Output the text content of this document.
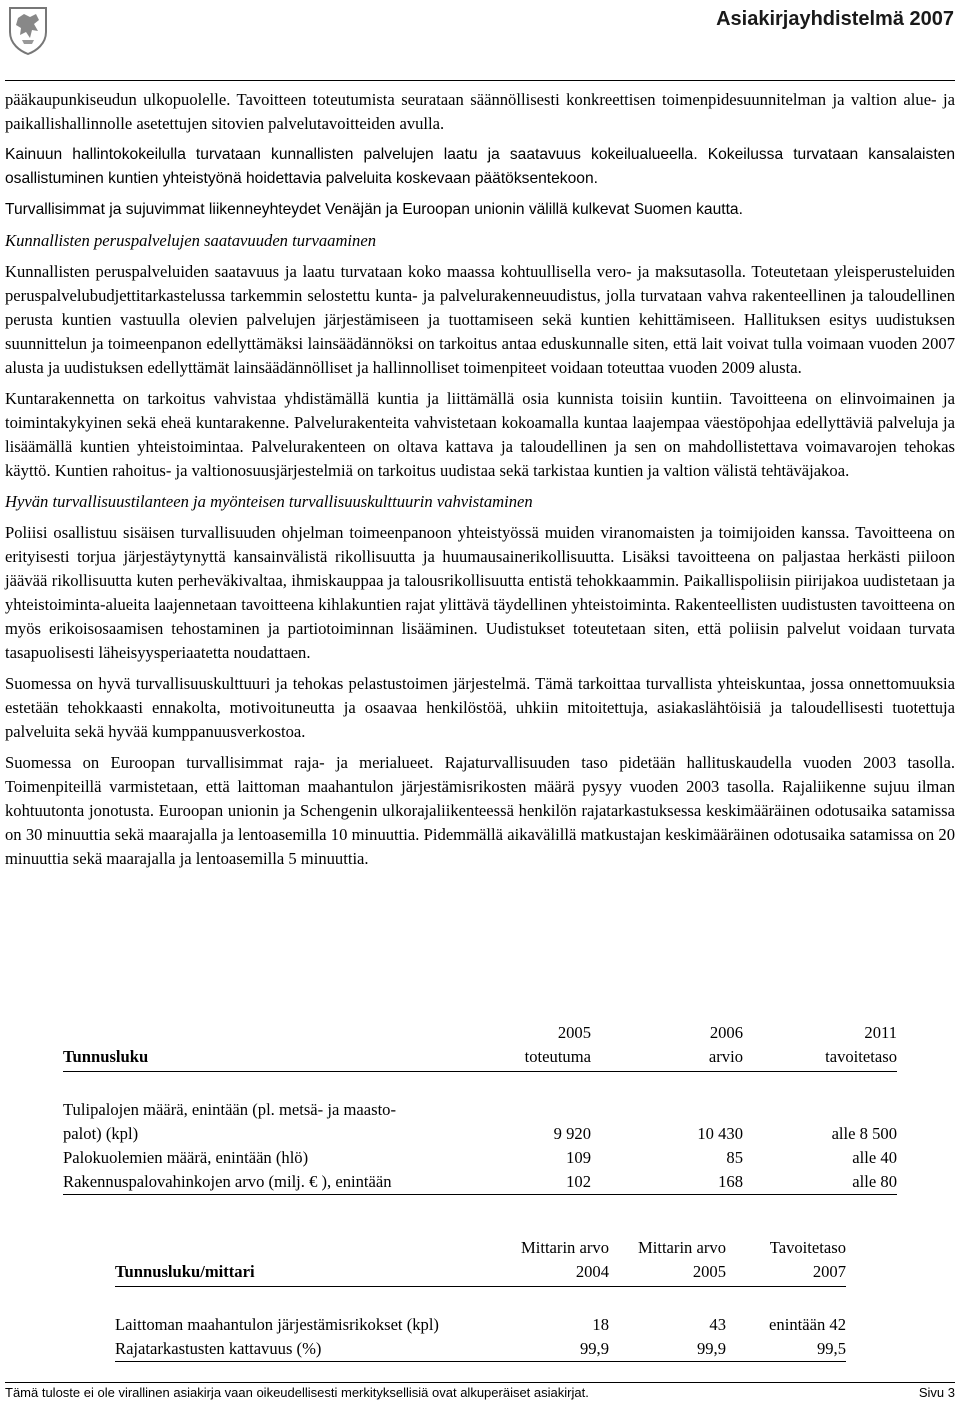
Asiakirjayhdistelmä 2007

pääkaupunkiseudun ulkopuolelle. Tavoitteen toteutumista seurataan säännöllisesti konkreettisen toimenpidesuunnitelman ja valtion alue- ja paikallishallinnolle asetettujen sitovien palvelutavoitteiden avulla.

Kainuun hallintokokeilulla turvataan kunnallisten palvelujen laatu ja saatavuus kokeilualueella. Kokeilussa turvataan kansalaisten osallistuminen kuntien yhteistyönä hoidettavia palveluita koskevaan päätöksentekoon.

Turvallisimmat ja sujuvimmat liikenneyhteydet Venäjän ja Euroopan unionin välillä kulkevat Suomen kautta.

Kunnallisten peruspalvelujen saatavuuden turvaaminen

Kunnallisten peruspalveluiden saatavuus ja laatu turvataan koko maassa kohtuullisella vero- ja maksutasolla. Toteutetaan yleisperusteluiden peruspalvelubudjettitarkastelussa tarkemmin selostettu kunta- ja palvelurakenneuudistus, jolla turvataan vahva rakenteellinen ja taloudellinen perusta kuntien vastuulla olevien palvelujen järjestämiseen ja tuottamiseen sekä kuntien kehittämiseen. Hallituksen esitys uudistuksen suunnittelun ja toimeenpanon edellyttämäksi lainsäädännöksi on tarkoitus antaa eduskunnalle siten, että lait voivat tulla voimaan vuoden 2007 alusta ja uudistuksen edellyttämät lainsäädännölliset ja hallinnolliset toimenpiteet voidaan toteuttaa vuoden 2009 alusta.

Kuntarakennetta on tarkoitus vahvistaa yhdistämällä kuntia ja liittämällä osia kunnista toisiin kuntiin. Tavoitteena on elinvoimainen ja toimintakykyinen sekä eheä kuntarakenne. Palvelurakenteita vahvistetaan kokoamalla kuntaa laajempaa väestöpohjaa edellyttäviä palveluja ja lisäämällä kuntien yhteistoimintaa. Palvelurakenteen on oltava kattava ja taloudellinen ja sen on mahdollistettava voimavarojen tehokas käyttö. Kuntien rahoitus- ja valtionosuusjärjestelmiä on tarkoitus uudistaa sekä tarkistaa kuntien ja valtion välistä tehtäväjakoa.

Hyvän turvallisuustilanteen ja myönteisen turvallisuuskulttuurin vahvistaminen

Poliisi osallistuu sisäisen turvallisuuden ohjelman toimeenpanoon yhteistyössä muiden viranomaisten ja toimijoiden kanssa. Tavoitteena on erityisesti torjua järjestäytynyttä kansainvälistä rikollisuutta ja huumausainerikollisuutta. Lisäksi tavoitteena on paljastaa herkästi piiloon jäävää rikollisuutta kuten perheväkivaltaa, ihmiskauppaa ja talousrikollisuutta entistä tehokkaammin. Paikallispoliisin piirijakoa uudistetaan ja yhteistoiminta-alueita laajennetaan tavoitteena kihlakuntien rajat ylittävä täydellinen yhteistoiminta. Rakenteellisten uudistusten tavoitteena on myös erikoisosaamisen tehostaminen ja partiotoiminnan lisääminen. Uudistukset toteutetaan siten, että poliisin palvelut voidaan turvata tasapuolisesti läheisyysperiaatetta noudattaen.

Suomessa on hyvä turvallisuuskulttuuri ja tehokas pelastustoimen järjestelmä. Tämä tarkoittaa turvallista yhteiskuntaa, jossa onnettomuuksia estetään tehokkaasti ennakolta, motivoituneutta ja osaavaa henkilöstöä, uhkiin mitoitettuja, asiakaslähtöisiä ja taloudellisesti tuotettuja palveluita sekä hyvää kumppanuusverkostoa.

Suomessa on Euroopan turvallisimmat raja- ja merialueet. Rajaturvallisuuden taso pidetään hallituskaudella vuoden 2003 tasolla. Toimenpiteillä varmistetaan, että laittoman maahantulon järjestämisrikosten määrä pysyy vuoden 2003 tasolla. Rajaliikenne sujuu ilman kohtuutonta jonotusta. Euroopan unionin ja Schengenin ulkorajaliikenteessä henkilön rajatarkastuksessa keskimääräinen odotusaika satamissa on 30 minuuttia sekä maarajalla ja lentoasemilla 10 minuuttia. Pidemmällä aikavälillä matkustajan keskimääräinen odotusaika satamissa on 20 minuuttia sekä maarajalla ja lentoasemilla 5 minuuttia.

	2005	2006	2011
Tunnusluku	toteutuma	arvio	tavoitetaso

Tulipalojen määrä, enintään (pl. metsä- ja maasto-			
palot) (kpl)	9 920	10 430	alle 8 500
Palokuolemien määrä, enintään (hlö)	109	85	alle 40
Rakennuspalovahinkojen arvo (milj. € ), enintään	102	168	alle 80
	Mittarin arvo	Mittarin arvo	Tavoitetaso
Tunnusluku/mittari	2004	2005	2007

Laittoman maahantulon järjestämisrikokset (kpl)	18	43	enintään 42
Rajatarkastusten kattavuus (%)	99,9	99,9	99,5
Tämä tuloste ei ole virallinen asiakirja vaan oikeudellisesti merkityksellisiä ovat alkuperäiset asiakirjat.	Sivu 3
